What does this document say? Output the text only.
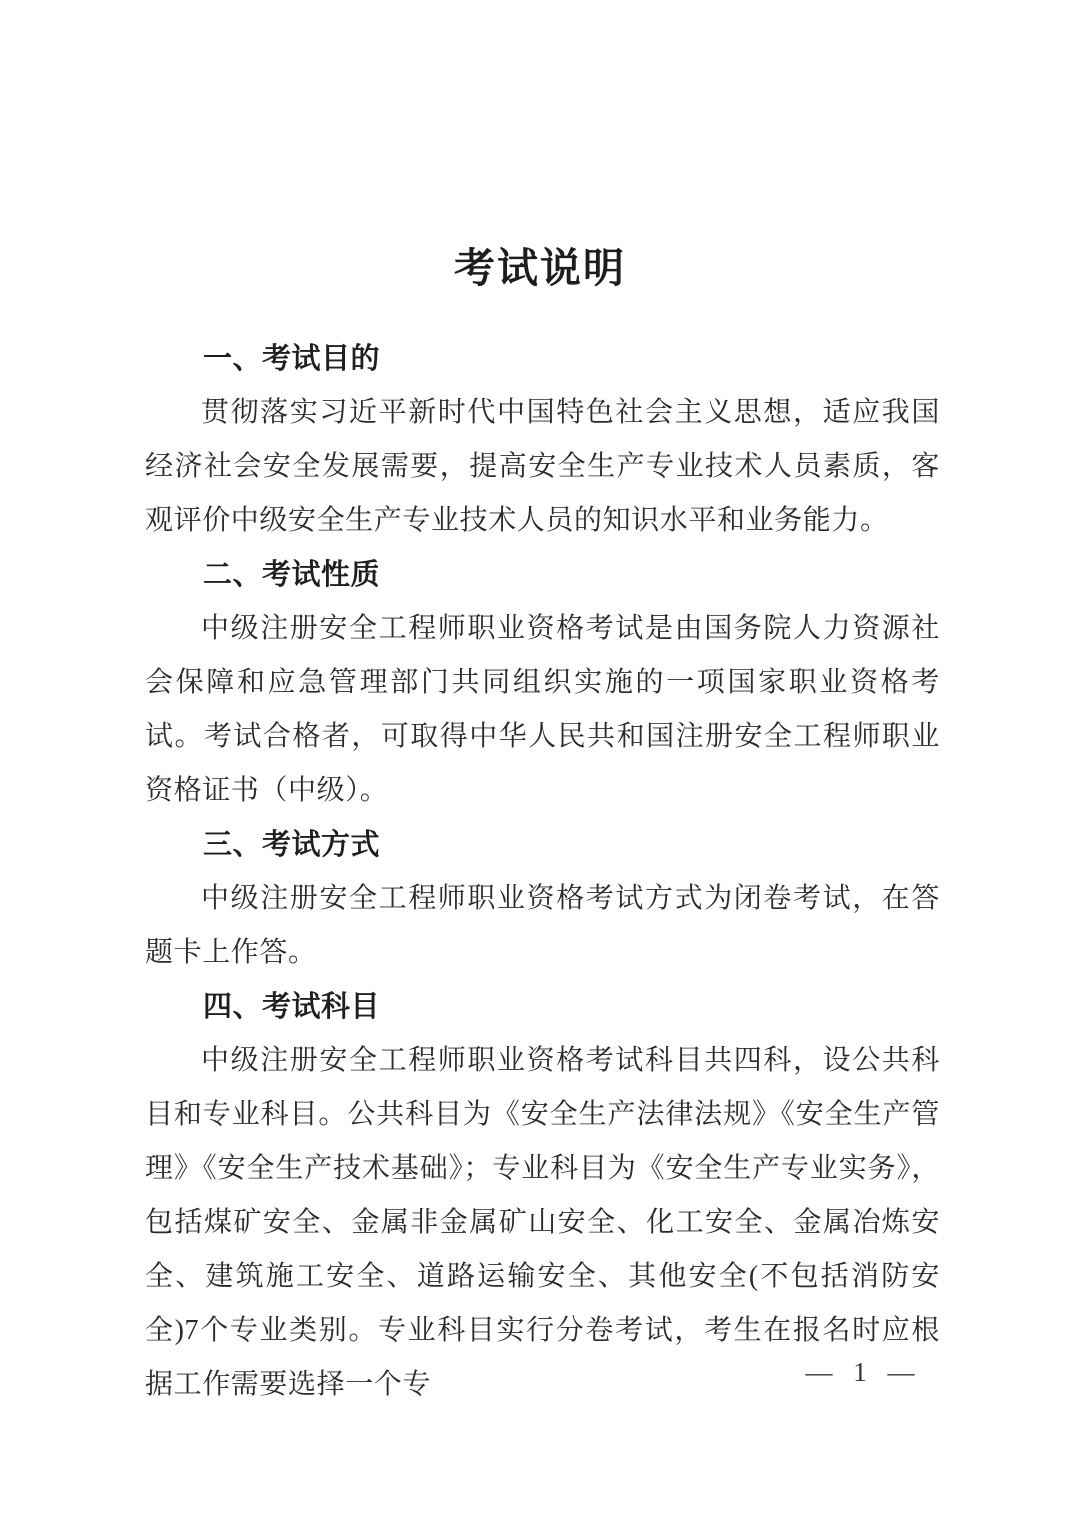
考试说明
一、考试目的

贯彻落实习近平新时代中国特色社会主义思想，适应我国经济社会安全发展需要，提高安全生产专业技术人员素质，客观评价中级安全生产专业技术人员的知识水平和业务能力。

二、考试性质

中级注册安全工程师职业资格考试是由国务院人力资源社会保障和应急管理部门共同组织实施的一项国家职业资格考试。考试合格者，可取得中华人民共和国注册安全工程师职业资格证书（中级）。

三、考试方式

中级注册安全工程师职业资格考试方式为闭卷考试，在答题卡上作答。

四、考试科目

中级注册安全工程师职业资格考试科目共四科，设公共科目和专业科目。公共科目为《安全生产法律法规》《安全生产管理》《安全生产技术基础》；专业科目为《安全生产专业实务》，包括煤矿安全、金属非金属矿山安全、化工安全、金属冶炼安全、建筑施工安全、道路运输安全、其他安全(不包括消防安全)7个专业类别。专业科目实行分卷考试，考生在报名时应根据工作需要选择一个专	— 1 —
